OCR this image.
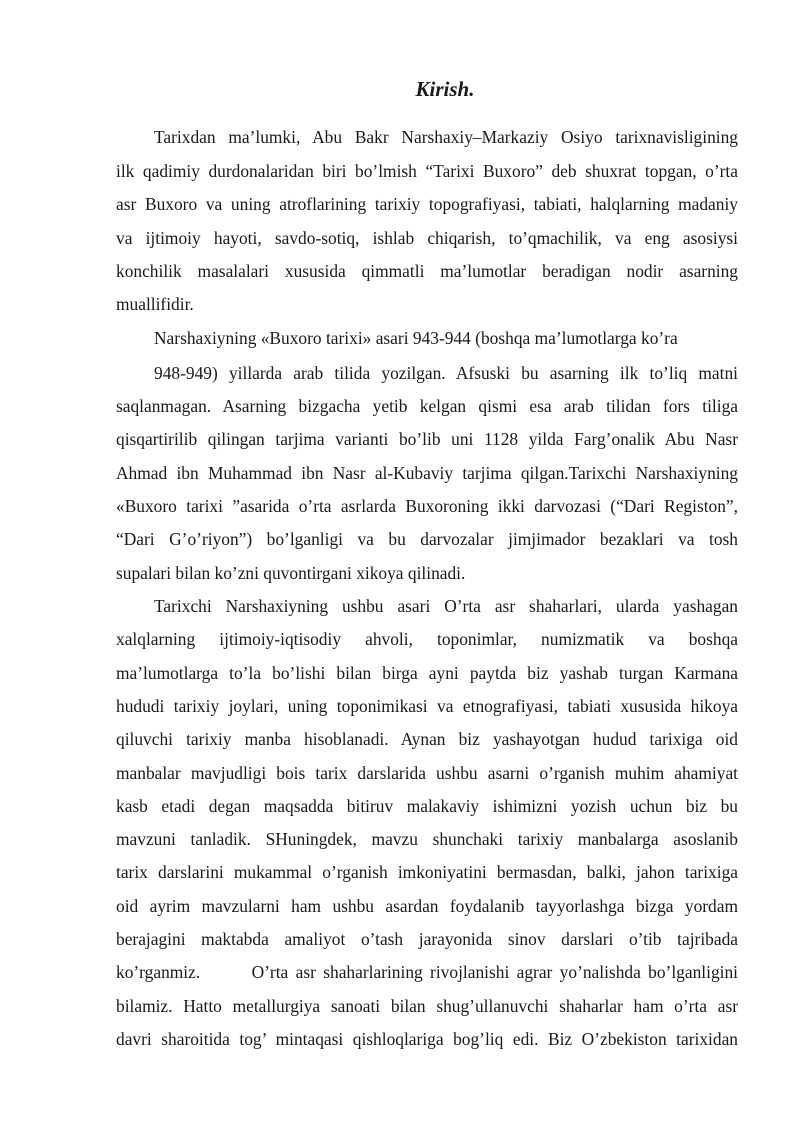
Kirish.
Tarixdan ma’lumki, Abu Bakr Narshaxiy–Markaziy Osiyo tarixnavisligining
ilk qadimiy durdonalaridan biri bo’lmish “Tarixi Buxoro” deb shuxrat topgan, o’rta
asr Buxoro va uning atroflarining tarixiy topografiyasi, tabiati, halqlarning madaniy
va ijtimoiy hayoti, savdo-sotiq, ishlab chiqarish, to’qmachilik, va eng asosiysi
konchilik masalalari xususida qimmatli ma’lumotlar beradigan nodir asarning
muallifidir.
Narshaxiyning «Buxoro tarixi» asari 943-944 (boshqa ma’lumotlarga ko’ra
948-949) yillarda arab tilida yozilgan. Afsuski bu asarning ilk to’liq matni
saqlanmagan. Asarning bizgacha yetib kelgan qismi esa arab tilidan fors tiliga
qisqartirilib qilingan tarjima varianti bo’lib uni 1128 yilda Farg’onalik Abu Nasr
Ahmad ibn Muhammad ibn Nasr al-Kubaviy tarjima qilgan.Tarixchi Narshaxiyning
«Buxoro tarixi ”asarida o’rta asrlarda Buxoroning ikki darvozasi (“Dari Registon”,
“Dari G’o’riyon”) bo’lganligi va bu darvozalar jimjimador bezaklari va tosh
supalari bilan ko’zni quvontirgani xikoya qilinadi.
Tarixchi Narshaxiyning ushbu asari O’rta asr shaharlari, ularda yashagan
xalqlarning ijtimoiy-iqtisodiy ahvoli, toponimlar, numizmatik va boshqa
ma’lumotlarga to’la bo’lishi bilan birga ayni paytda biz yashab turgan Karmana
hududi tarixiy joylari, uning toponimikasi va etnografiyasi, tabiati xususida hikoya
qiluvchi tarixiy manba hisoblanadi. Aynan biz yashayotgan hudud tarixiga oid
manbalar mavjudligi bois tarix darslarida ushbu asarni o’rganish muhim ahamiyat
kasb etadi degan maqsadda bitiruv malakaviy ishimizni yozish uchun biz bu
mavzuni tanladik. SHuningdek, mavzu shunchaki tarixiy manbalarga asoslanib
tarix darslarini mukammal o’rganish imkoniyatini bermasdan, balki, jahon tarixiga
oid ayrim mavzularni ham ushbu asardan foydalanib tayyorlashga bizga yordam
berajagini maktabda amaliyot o’tash jarayonida sinov darslari o’tib tajribada
ko’rganmiz.       O’rta asr shaharlarining rivojlanishi agrar yo’nalishda bo’lganligini
bilamiz. Hatto metallurgiya sanoati bilan shug’ullanuvchi shaharlar ham o’rta asr
davri sharoitida tog’ mintaqasi qishloqlariga bog’liq edi. Biz O’zbekiston tarixidan
